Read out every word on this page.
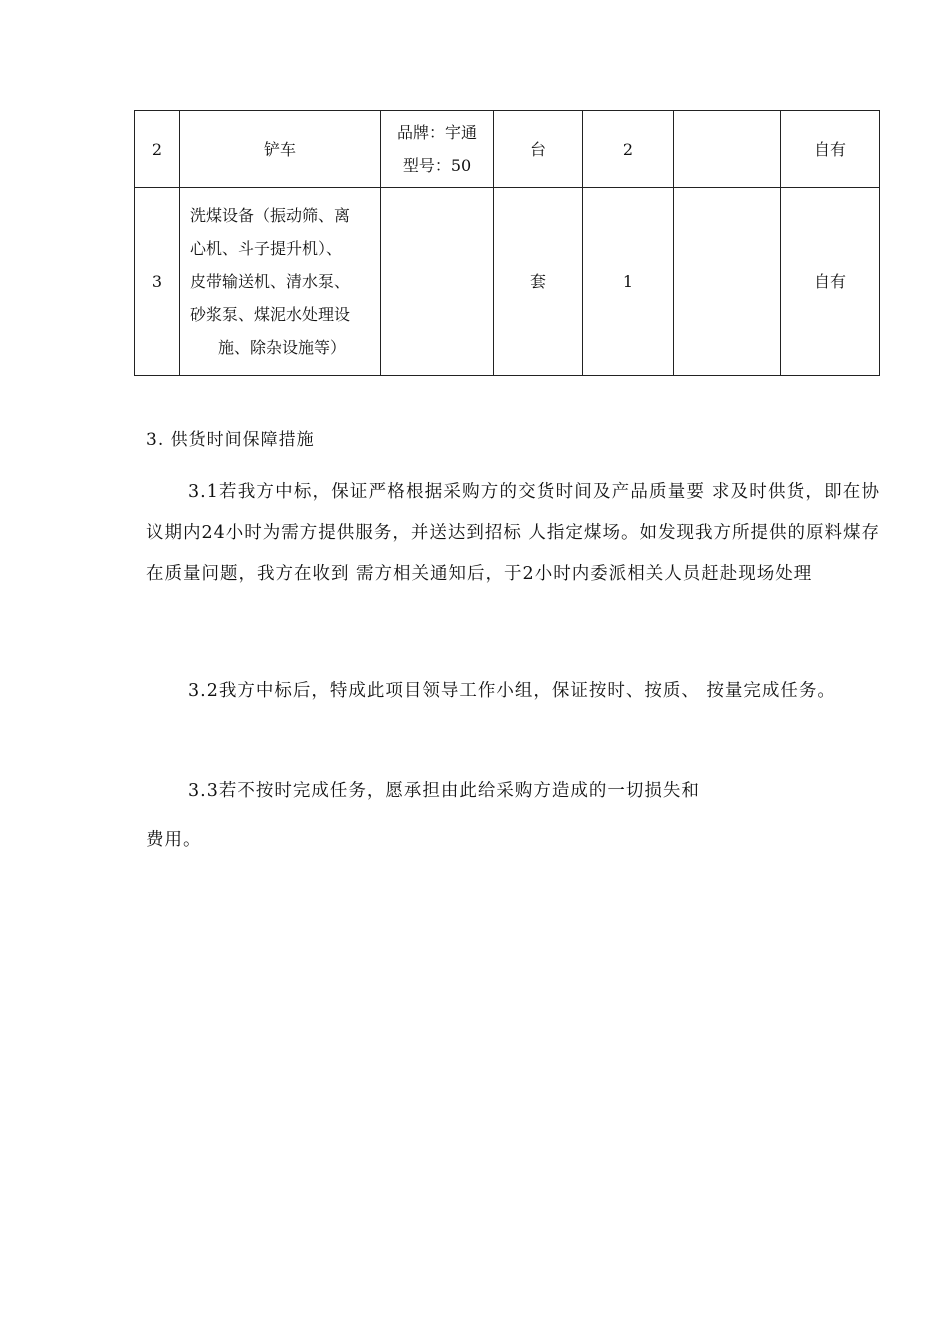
2	铲车	品牌：宇通
型号：50	台	2		自有
3	洗煤设备（振动筛、离
心机、斗子提升机）、
皮带输送机、清水泵、
砂浆泵、煤泥水处理设
施、除杂设施等）		套	1		自有
3. 供货时间保障措施

3.1若我方中标，保证严格根据采购方的交货时间及产品质量要 求及时供货，即在协议期内24小时为需方提供服务，并送达到招标 人指定煤场。如发现我方所提供的原料煤存在质量问题，我方在收到 需方相关通知后，于2小时内委派相关人员赶赴现场处理

3.2我方中标后，特成此项目领导工作小组，保证按时、按质、 按量完成任务。

3.3若不按时完成任务，愿承担由此给采购方造成的一切损失和

费用。
